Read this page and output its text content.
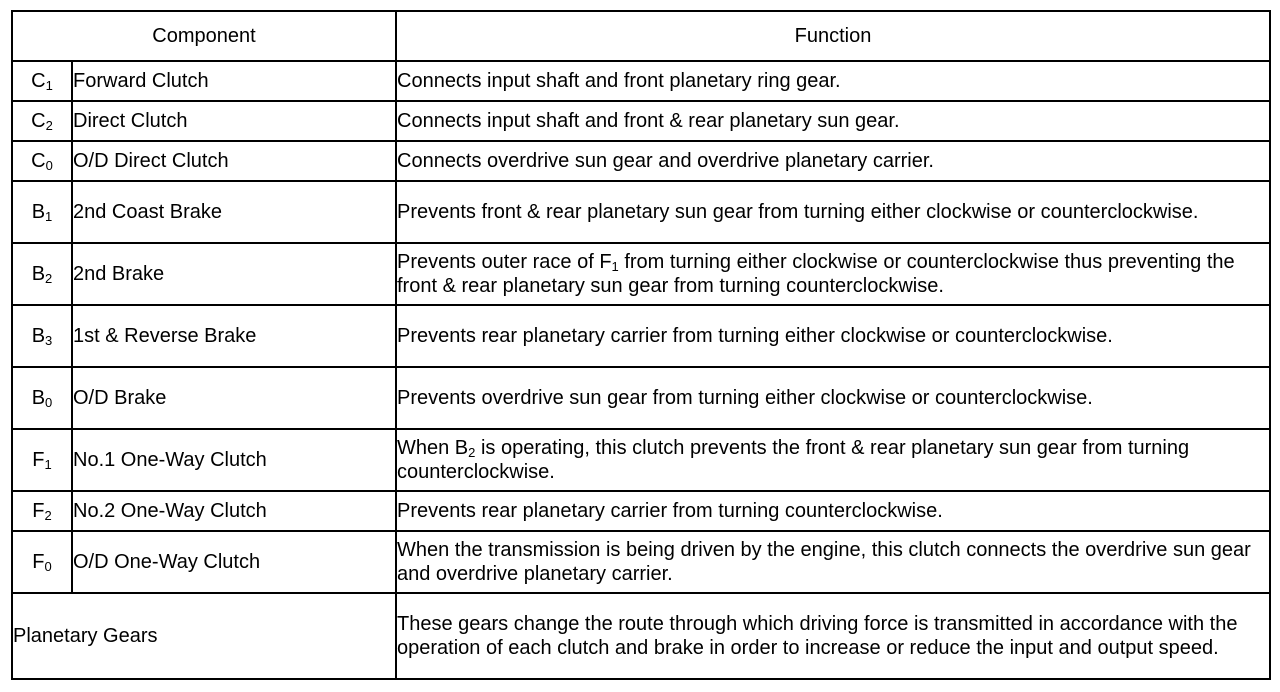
Component		Function
$C_1$	Forward Clutch	Connects input shaft and front planetary ring gear.
$C_2$	Direct Clutch	Connects input shaft and front & rear planetary sun gear.
$C_0$	O/D Direct Clutch	Connects overdrive sun gear and overdrive planetary carrier.
$B_1$	2nd Coast Brake	Prevents front & rear planetary sun gear from turning either clockwise or counterclockwise.
$B_2$	2nd Brake	Prevents outer race of $F_1$ from turning either clockwise or counterclockwise thus preventing the front & rear planetary sun gear from turning counterclockwise.
$B_3$	1st & Reverse Brake	Prevents rear planetary carrier from turning either clockwise or counterclockwise.
$B_0$	O/D Brake	Prevents overdrive sun gear from turning either clockwise or counterclockwise.
$F_1$	No.1 One-Way Clutch	When $B_2$ is operating, this clutch prevents the front & rear planetary sun gear from turning counterclockwise.
$F_2$	No.2 One-Way Clutch	Prevents rear planetary carrier from turning counterclockwise.
$F_0$	O/D One-Way Clutch	When the transmission is being driven by the engine, this clutch connects the overdrive sun gear and overdrive planetary carrier.
Planetary Gears		These gears change the route through which driving force is transmitted in accordance with the operation of each clutch and brake in order to increase or reduce the input and output speed.
